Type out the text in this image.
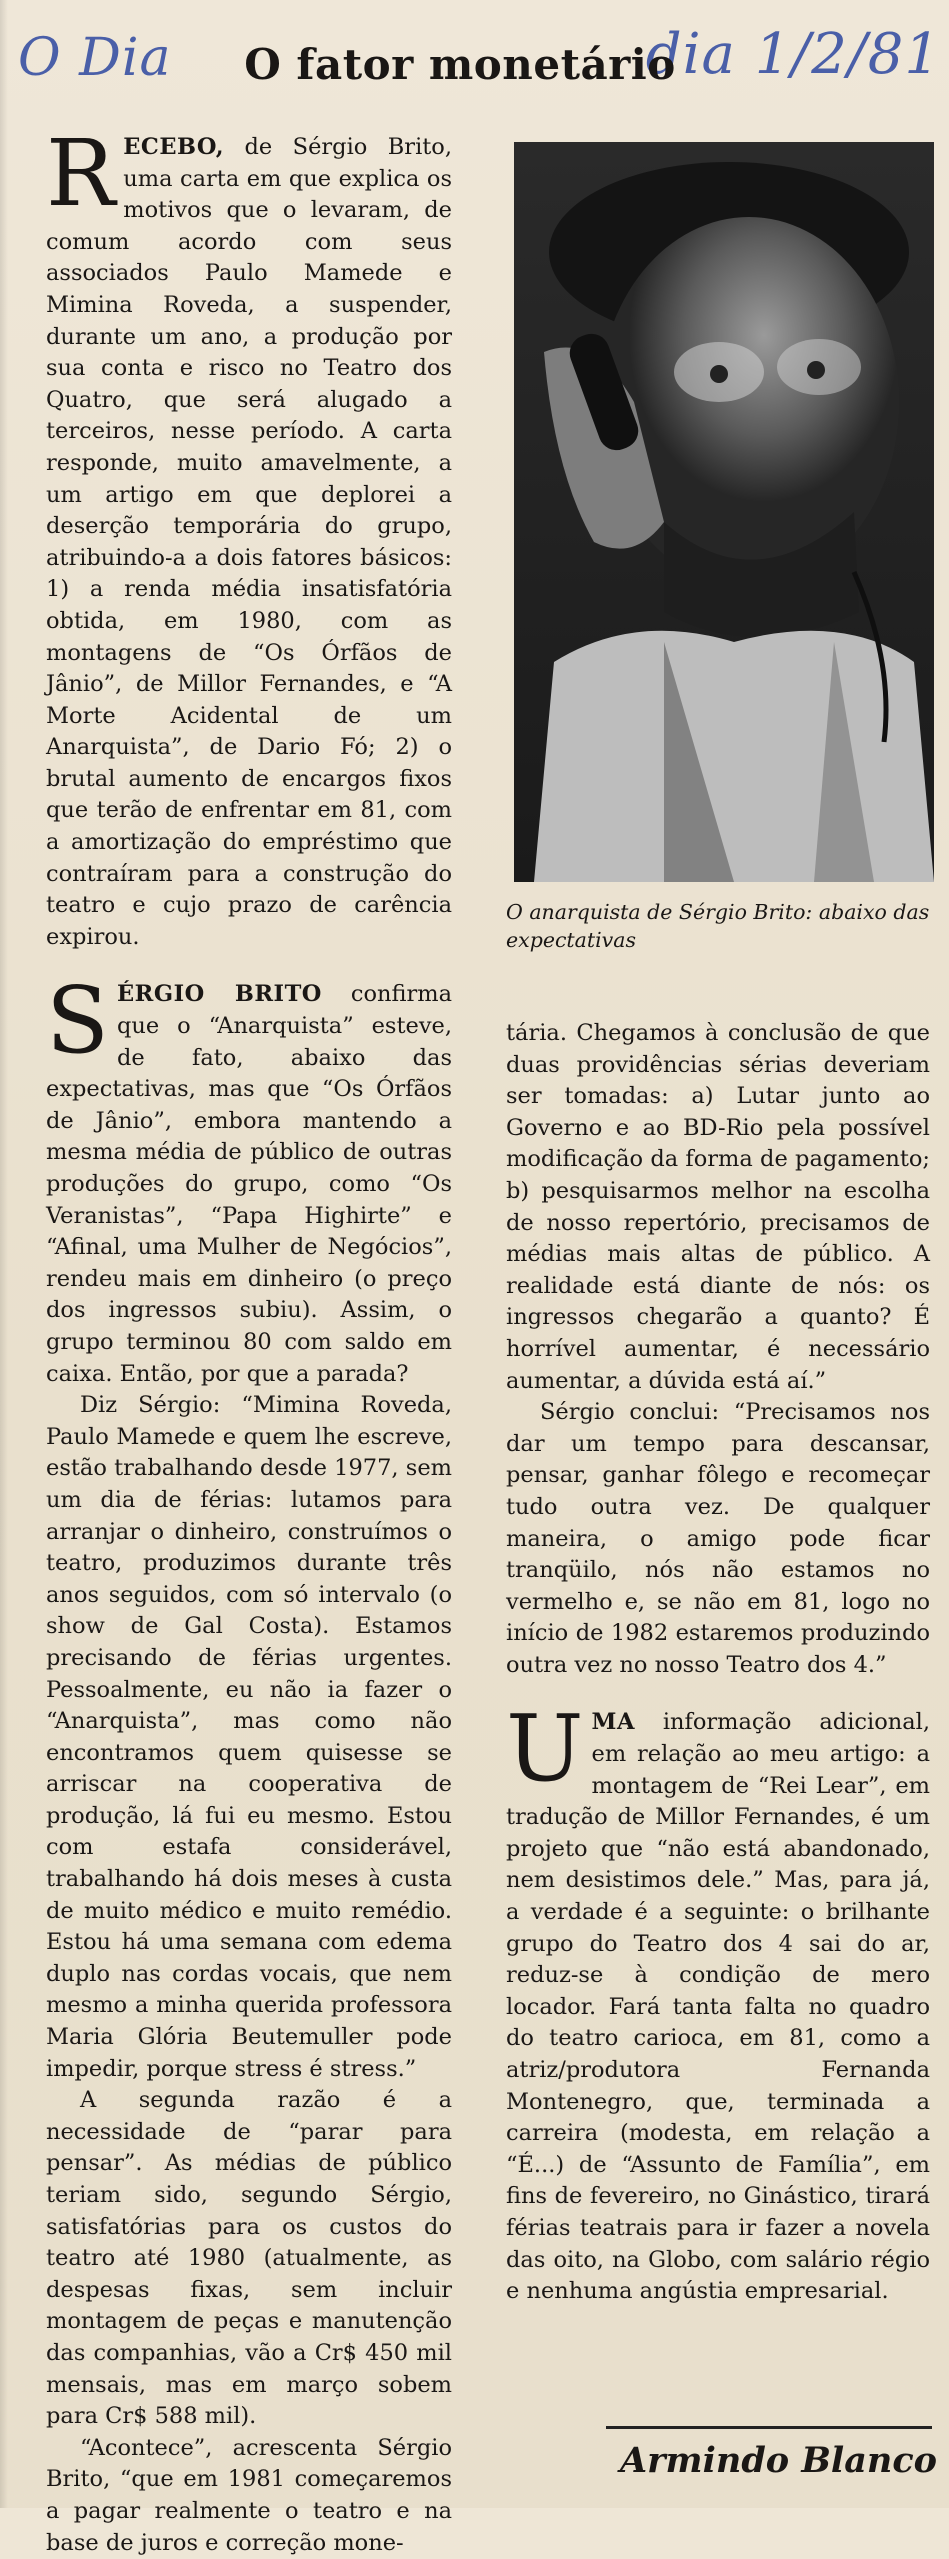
O Dia	dia 1/2/81
O fator monetário

RECEBO, de Sérgio Brito, uma carta em que explica os motivos que o levaram, de comum acordo com seus associados Paulo Mamede e Mimina Roveda, a suspender, durante um ano, a produção por sua conta e risco no Teatro dos Quatro, que será alugado a terceiros, nesse período. A carta responde, muito amavelmente, a um artigo em que deplorei a deserção temporária do grupo, atribuindo-a a dois fatores básicos: 1) a renda média insatisfatória obtida, em 1980, com as montagens de “Os Órfãos de Jânio”, de Millor Fernandes, e “A Morte Acidental de um Anarquista”, de Dario Fó; 2) o brutal aumento de encargos fixos que terão de enfrentar em 81, com a amortização do empréstimo que contraíram para a construção do teatro e cujo prazo de carência expirou.

SÉRGIO BRITO confirma que o “Anarquista” esteve, de fato, abaixo das expectativas, mas que “Os Órfãos de Jânio”, embora mantendo a mesma média de público de outras produções do grupo, como “Os Veranistas”, “Papa Highirte” e “Afinal, uma Mulher de Negócios”, rendeu mais em dinheiro (o preço dos ingressos subiu). Assim, o grupo terminou 80 com saldo em caixa. Então, por que a parada?

Diz Sérgio: “Mimina Roveda, Paulo Mamede e quem lhe escreve, estão trabalhando desde 1977, sem um dia de férias: lutamos para arranjar o dinheiro, construímos o teatro, produzimos durante três anos seguidos, com só intervalo (o show de Gal Costa). Estamos precisando de férias urgentes. Pessoalmente, eu não ia fazer o “Anarquista”, mas como não encontramos quem quisesse se arriscar na cooperativa de produção, lá fui eu mesmo. Estou com estafa considerável, trabalhando há dois meses à custa de muito médico e muito remédio. Estou há uma semana com edema duplo nas cordas vocais, que nem mesmo a minha querida professora Maria Glória Beutemuller pode impedir, porque stress é stress.”

A segunda razão é a necessidade de “parar para pensar”. As médias de público teriam sido, segundo Sérgio, satisfatórias para os custos do teatro até 1980 (atualmente, as despesas fixas, sem incluir montagem de peças e manutenção das companhias, vão a Cr$ 450 mil mensais, mas em março sobem para Cr$ 588 mil).

“Acontece”, acrescenta Sérgio Brito, “que em 1981 começaremos a pagar realmente o teatro e na base de juros e correção mone-

O anarquista de Sérgio Brito: abaixo das expectativas

tária. Chegamos à conclusão de que duas providências sérias deveriam ser tomadas: a) Lutar junto ao Governo e ao BD-Rio pela possível modificação da forma de pagamento; b) pesquisarmos melhor na escolha de nosso repertório, precisamos de médias mais altas de público. A realidade está diante de nós: os ingressos chegarão a quanto? É horrível aumentar, é necessário aumentar, a dúvida está aí.”

Sérgio conclui: “Precisamos nos dar um tempo para descansar, pensar, ganhar fôlego e recomeçar tudo outra vez. De qualquer maneira, o amigo pode ficar tranqüilo, nós não estamos no vermelho e, se não em 81, logo no início de 1982 estaremos produzindo outra vez no nosso Teatro dos 4.”

UMA informação adicional, em relação ao meu artigo: a montagem de “Rei Lear”, em tradução de Millor Fernandes, é um projeto que “não está abandonado, nem desistimos dele.” Mas, para já, a verdade é a seguinte: o brilhante grupo do Teatro dos 4 sai do ar, reduz-se à condição de mero locador. Fará tanta falta no quadro do teatro carioca, em 81, como a atriz/produtora Fernanda Montenegro, que, terminada a carreira (modesta, em relação a “É...) de “Assunto de Família”, em fins de fevereiro, no Ginástico, tirará férias teatrais para ir fazer a novela das oito, na Globo, com salário régio e nenhuma angústia empresarial.

Armindo Blanco
